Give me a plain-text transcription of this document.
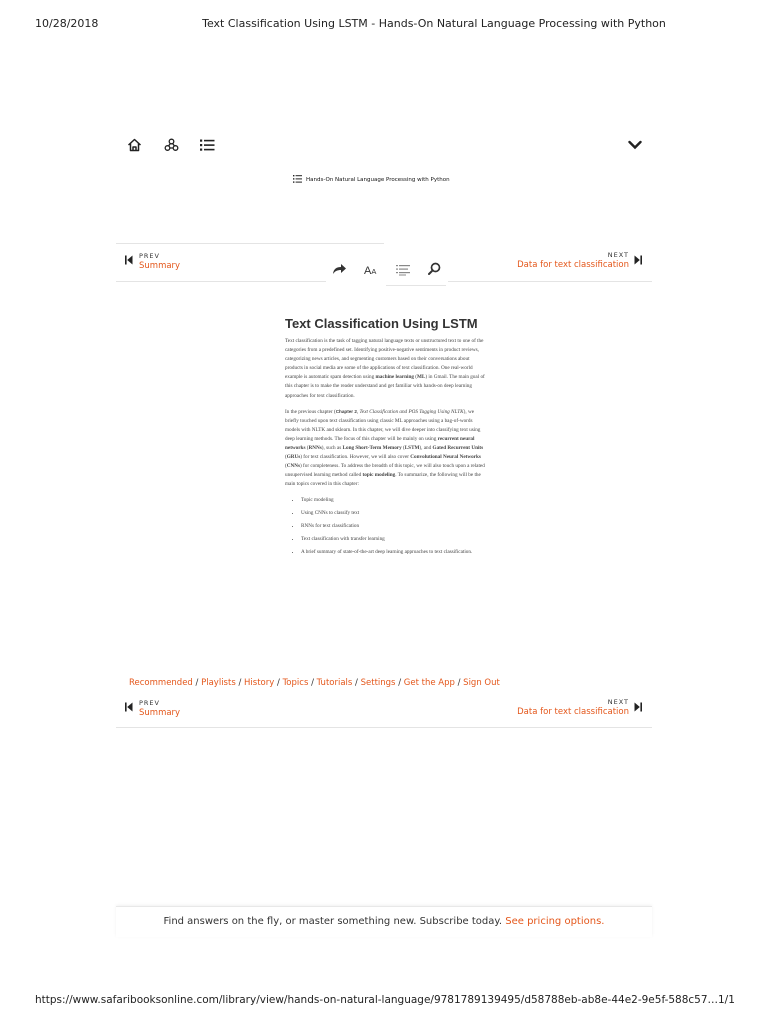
10/28/2018	Text Classification Using LSTM - Hands-On Natural Language Processing with Python
Hands-On Natural Language Processing with Python
PREV
Summary
NEXT
Data for text classification
AA
Text Classification Using LSTM

Text classification is the task of tagging natural language texts or unstructured text to one of the categories from a predefined set. Identifying positive-negative sentiments in product reviews, categorizing news articles, and segmenting customers based on their conversations about products in social media are some of the applications of text classification. One real-world example is automatic spam detection using machine learning (ML) in Gmail. The main goal of this chapter is to make the reader understand and get familiar with hands-on deep learning approaches for text classification.

In the previous chapter (Chapter 2, Text Classification and POS Tagging Using NLTK), we briefly touched upon text classification using classic ML approaches using a bag-of-words models with NLTK and sklearn. In this chapter, we will dive deeper into classifying text using deep learning methods. The focus of this chapter will be mainly on using recurrent neural networks (RNNs), such as Long Short-Term Memory (LSTM), and Gated Recurrent Units (GRUs) for text classification. However, we will also cover Convolutional Neural Networks (CNNs) for completeness. To address the breadth of this topic, we will also touch upon a related unsupervised learning method called topic modeling. To summarize, the following will be the main topics covered in this chapter:

• Topic modeling
• Using CNNs to classify text
• RNNs for text classification
• Text classification with transfer learning
• A brief summary of state-of-the-art deep learning approaches to text classification.
Recommended / Playlists / History / Topics / Tutorials / Settings / Get the App / Sign Out
PREV
Summary
NEXT
Data for text classification
Find answers on the fly, or master something new. Subscribe today. See pricing options.
https://www.safaribooksonline.com/library/view/hands-on-natural-language/9781789139495/d58788eb-ab8e-44e2-9e5f-588c57… 1/1
